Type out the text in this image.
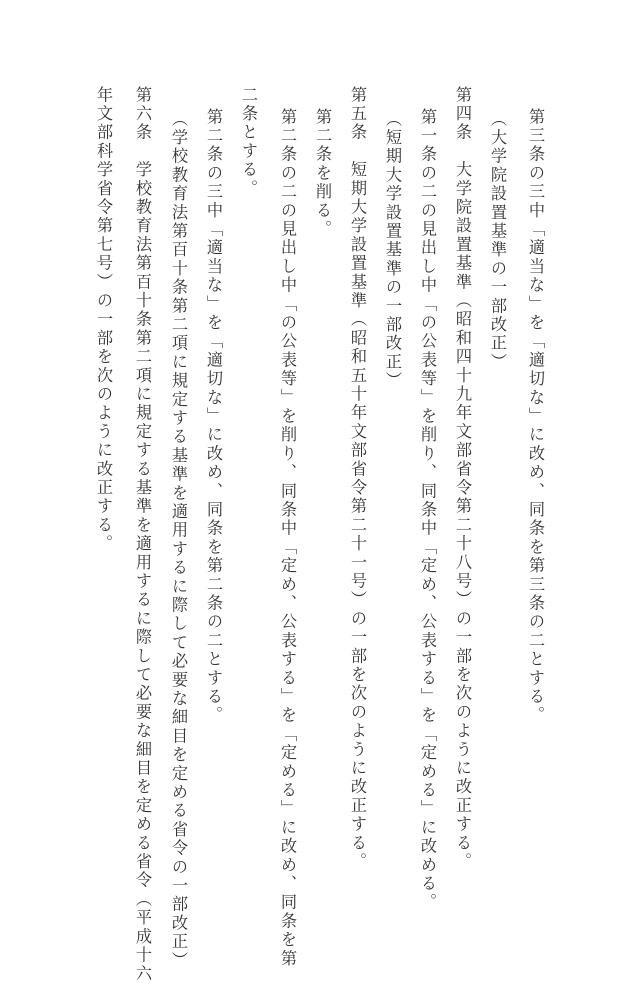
第三条の三中「適当な」を「適切な」に改め、同条を第三条の二とする。
（大学院設置基準の一部改正）
第四条　大学院設置基準（昭和四十九年文部省令第二十八号）の一部を次のように改正する。
第一条の二の見出し中「の公表等」を削り、同条中「定め、公表する」を「定める」に改める。
（短期大学設置基準の一部改正）
第五条　短期大学設置基準（昭和五十年文部省令第二十一号）の一部を次のように改正する。
第二条を削る。
第二条の二の見出し中「の公表等」を削り、同条中「定め、公表する」を「定める」に改め、同条を第
二条とする。
第二条の三中「適当な」を「適切な」に改め、同条を第二条の二とする。
（学校教育法第百十条第二項に規定する基準を適用するに際して必要な細目を定める省令の一部改正）
第六条　学校教育法第百十条第二項に規定する基準を適用するに際して必要な細目を定める省令（平成十六
年文部科学省令第七号）の一部を次のように改正する。
